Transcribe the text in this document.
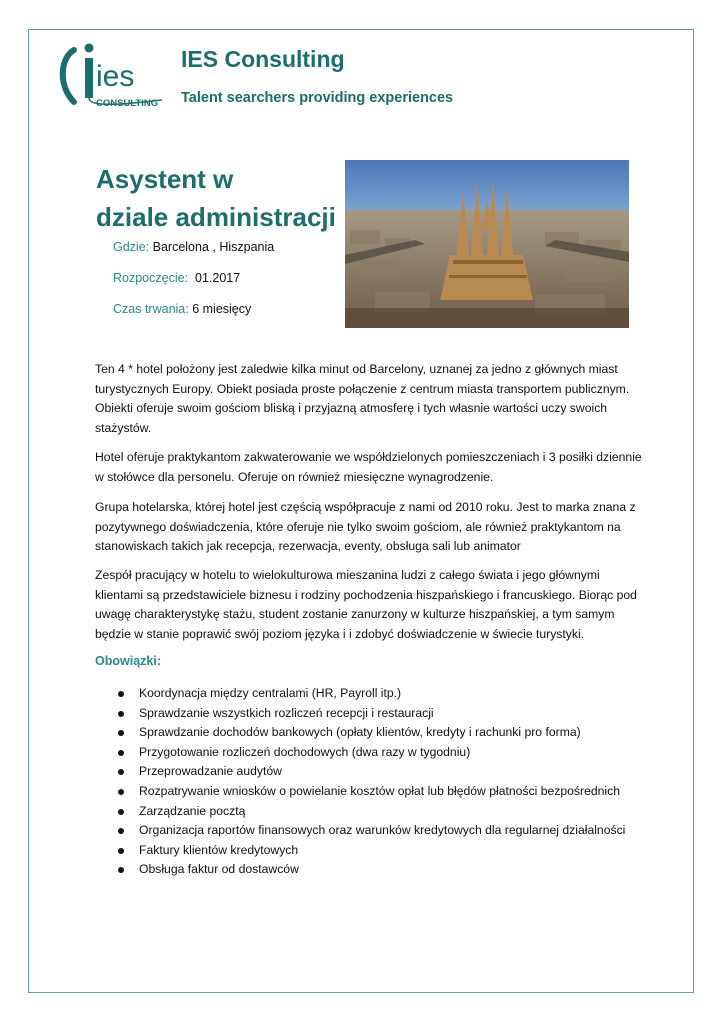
ies
CONSULTING
IES Consulting
Talent searchers providing experiences
Asystent w
dziale administracji
Gdzie: Barcelona , Hiszpania
Rozpoczęcie: 01.2017
Czas trwania: 6 miesięcy
Ten 4 * hotel położony jest zaledwie kilka minut od Barcelony, uznanej za jedno z głównych miast turystycznych Europy. Obiekt posiada proste połączenie z centrum miasta transportem publicznym. Obiekti oferuje swoim gościom bliską i przyjazną atmosferę i tych własnie wartości uczy swoich stażystów.
Hotel oferuje praktykantom zakwaterowanie we współdzielonych pomieszczeniach i 3 posiłki dziennie w stołówce dla personelu. Oferuje on również miesięczne wynagrodzenie.
Grupa hotelarska, której hotel jest częścią współpracuje z nami od 2010 roku. Jest to marka znana z pozytywnego doświadczenia, które oferuje nie tylko swoim gościom, ale również praktykantom na stanowiskach takich jak recepcja, rezerwacja, eventy, obsługa sali lub animator
Zespół pracujący w hotelu to wielokulturowa mieszanina ludzi z całego świata i jego głównymi klientami są przedstawiciele biznesu i rodziny pochodzenia hiszpańskiego i francuskiego. Biorąc pod uwagę charakterystykę stażu, student zostanie zanurzony w kulturze hiszpańskiej, a tym samym będzie w stanie poprawić swój poziom języka i i zdobyć doświadczenie w świecie turystyki.
Obowiązki:
Koordynacja między centralami (HR, Payroll itp.)
Sprawdzanie wszystkich rozliczeń recepcji i restauracji
Sprawdzanie dochodów bankowych (opłaty klientów, kredyty i rachunki pro forma)
Przygotowanie rozliczeń dochodowych (dwa razy w tygodniu)
Przeprowadzanie audytów
Rozpatrywanie wniosków o powielanie kosztów opłat lub błędów płatności bezpośrednich
Zarządzanie pocztą
Organizacja raportów finansowych oraz warunków kredytowych dla regularnej działalności
Faktury klientów kredytowych
Obsługa faktur od dostawców
